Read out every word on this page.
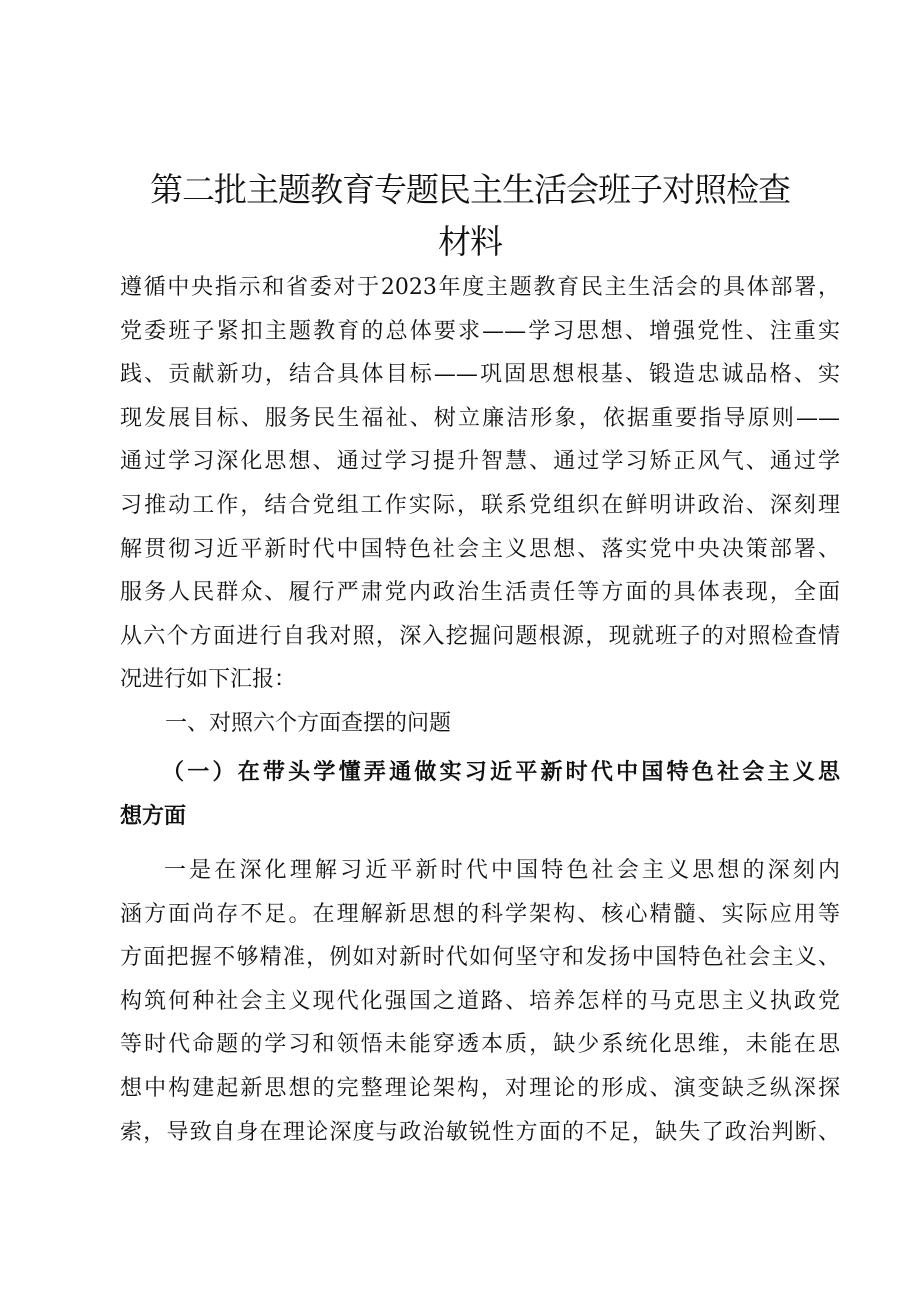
第二批主题教育专题民主生活会班子对照检查
材料
遵循中央指示和省委对于2023年度主题教育民主生活会的具体部署，
党委班子紧扣主题教育的总体要求——学习思想、增强党性、注重实
践、贡献新功，结合具体目标——巩固思想根基、锻造忠诚品格、实
现发展目标、服务民生福祉、树立廉洁形象，依据重要指导原则——
通过学习深化思想、通过学习提升智慧、通过学习矫正风气、通过学
习推动工作，结合党组工作实际，联系党组织在鲜明讲政治、深刻理
解贯彻习近平新时代中国特色社会主义思想、落实党中央决策部署、
服务人民群众、履行严肃党内政治生活责任等方面的具体表现，全面
从六个方面进行自我对照，深入挖掘问题根源，现就班子的对照检查情
况进行如下汇报：
一、对照六个方面查摆的问题
（一）在带头学懂弄通做实习近平新时代中国特色社会主义思
想方面
一是在深化理解习近平新时代中国特色社会主义思想的深刻内
涵方面尚存不足。在理解新思想的科学架构、核心精髓、实际应用等
方面把握不够精准，例如对新时代如何坚守和发扬中国特色社会主义、
构筑何种社会主义现代化强国之道路、培养怎样的马克思主义执政党
等时代命题的学习和领悟未能穿透本质，缺少系统化思维，未能在思
想中构建起新思想的完整理论架构，对理论的形成、演变缺乏纵深探
索，导致自身在理论深度与政治敏锐性方面的不足，缺失了政治判断、
